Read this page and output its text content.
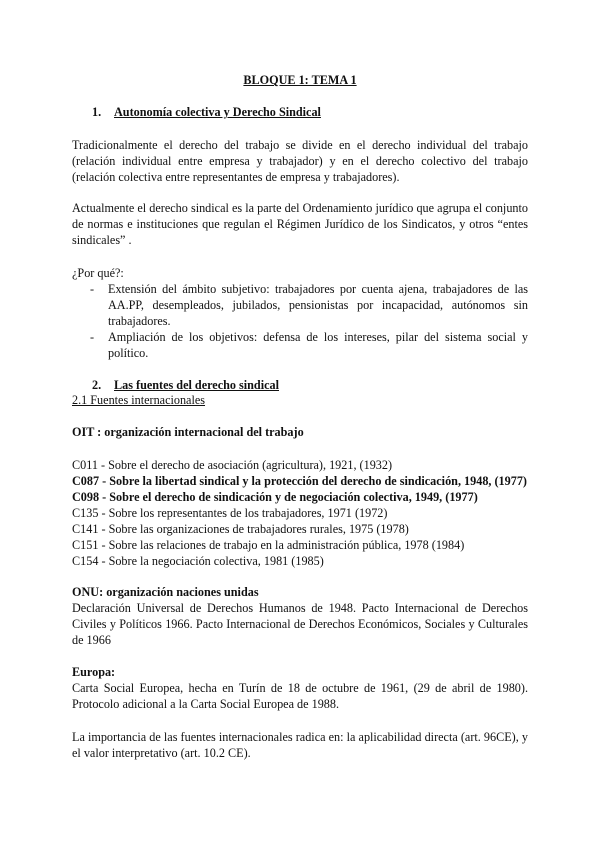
BLOQUE 1: TEMA 1
1. Autonomía colectiva y Derecho Sindical
Tradicionalmente el derecho del trabajo se divide en el derecho individual del trabajo (relación individual entre empresa y trabajador) y en el derecho colectivo del trabajo (relación colectiva entre representantes de empresa y trabajadores).
Actualmente el derecho sindical es la parte del Ordenamiento jurídico que agrupa el conjunto de normas e instituciones que regulan el Régimen Jurídico de los Sindicatos, y otros “entes sindicales” .
¿Por qué?:
- Extensión del ámbito subjetivo: trabajadores por cuenta ajena, trabajadores de las AA.PP, desempleados, jubilados, pensionistas por incapacidad, autónomos sin trabajadores.
- Ampliación de los objetivos: defensa de los intereses, pilar del sistema social y político.
2. Las fuentes del derecho sindical
2.1 Fuentes internacionales
OIT : organización internacional del trabajo
C011 - Sobre el derecho de asociación (agricultura), 1921, (1932)
C087 - Sobre la libertad sindical y la protección del derecho de sindicación, 1948, (1977)
C098 - Sobre el derecho de sindicación y de negociación colectiva, 1949, (1977)
C135 - Sobre los representantes de los trabajadores, 1971 (1972)
C141 - Sobre las organizaciones de trabajadores rurales, 1975 (1978)
C151 - Sobre las relaciones de trabajo en la administración pública, 1978 (1984)
C154 - Sobre la negociación colectiva, 1981 (1985)
ONU: organización naciones unidas
Declaración Universal de Derechos Humanos de 1948. Pacto Internacional de Derechos Civiles y Políticos 1966. Pacto Internacional de Derechos Económicos, Sociales y Culturales de 1966
Europa:
Carta Social Europea, hecha en Turín de 18 de octubre de 1961, (29 de abril de 1980). Protocolo adicional a la Carta Social Europea de 1988.
La importancia de las fuentes internacionales radica en: la aplicabilidad directa (art. 96CE), y el valor interpretativo (art. 10.2 CE).
